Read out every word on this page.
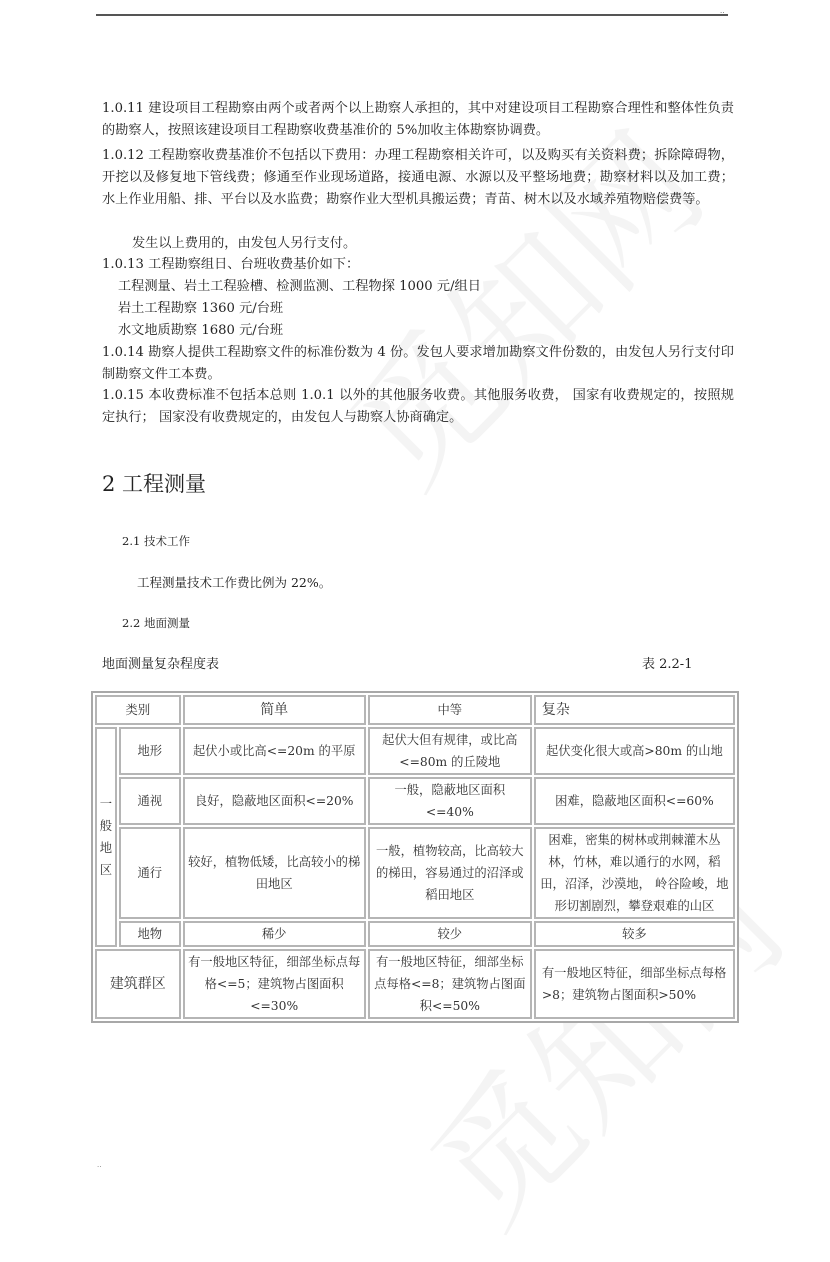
..
1.0.11 建设项目工程勘察由两个或者两个以上勘察人承担的，其中对建设项目工程勘察合理性和整体性负责的勘察人，按照该建设项目工程勘察收费基准价的 5%加收主体勘察协调费。
1.0.12 工程勘察收费基准价不包括以下费用：办理工程勘察相关许可，以及购买有关资料费；拆除障碍物，开挖以及修复地下管线费；修通至作业现场道路，接通电源、水源以及平整场地费；勘察材料以及加工费；水上作业用船、排、平台以及水监费；勘察作业大型机具搬运费；青苗、树木以及水域养殖物赔偿费等。
发生以上费用的，由发包人另行支付。
1.0.13 工程勘察组日、台班收费基价如下：
工程测量、岩土工程验槽、检测监测、工程物探 1000 元/组日
岩土工程勘察 1360 元/台班
水文地质勘察 1680 元/台班
1.0.14 勘察人提供工程勘察文件的标准份数为 4 份。发包人要求增加勘察文件份数的，由发包人另行支付印制勘察文件工本费。
1.0.15 本收费标准不包括本总则 1.0.1 以外的其他服务收费。其他服务收费， 国家有收费规定的，按照规定执行； 国家没有收费规定的，由发包人与勘察人协商确定。
2 工程测量
2.1 技术工作
工程测量技术工作费比例为 22%。
2.2 地面测量
地面测量复杂程度表	表 2.2-1
类别		简单	中等	复杂
一
般
地
区	地形	起伏小或比高<=20m 的平原	起伏大但有规律，或比高<=80m 的丘陵地	起伏变化很大或高>80m 的山地
	通视	良好，隐蔽地区面积<=20%	一般，隐蔽地区面积<=40%	困难，隐蔽地区面积<=60%
	通行	较好，植物低矮，比高较小的梯田地区	一般，植物较高，比高较大的梯田，容易通过的沼泽或稻田地区	困难，密集的树林或荆棘灌木丛林，竹林，难以通行的水网，稻田，沼泽，沙漠地， 岭谷险峻，地形切割剧烈，攀登艰难的山区
	地物	稀少	较少	较多
建筑群区		有一般地区特征，细部坐标点每格<=5；建筑物占图面积<=30%	有一般地区特征，细部坐标点每格<=8；建筑物占图面积<=50%	有一般地区特征，细部坐标点每格>8；建筑物占图面积>50%
..
